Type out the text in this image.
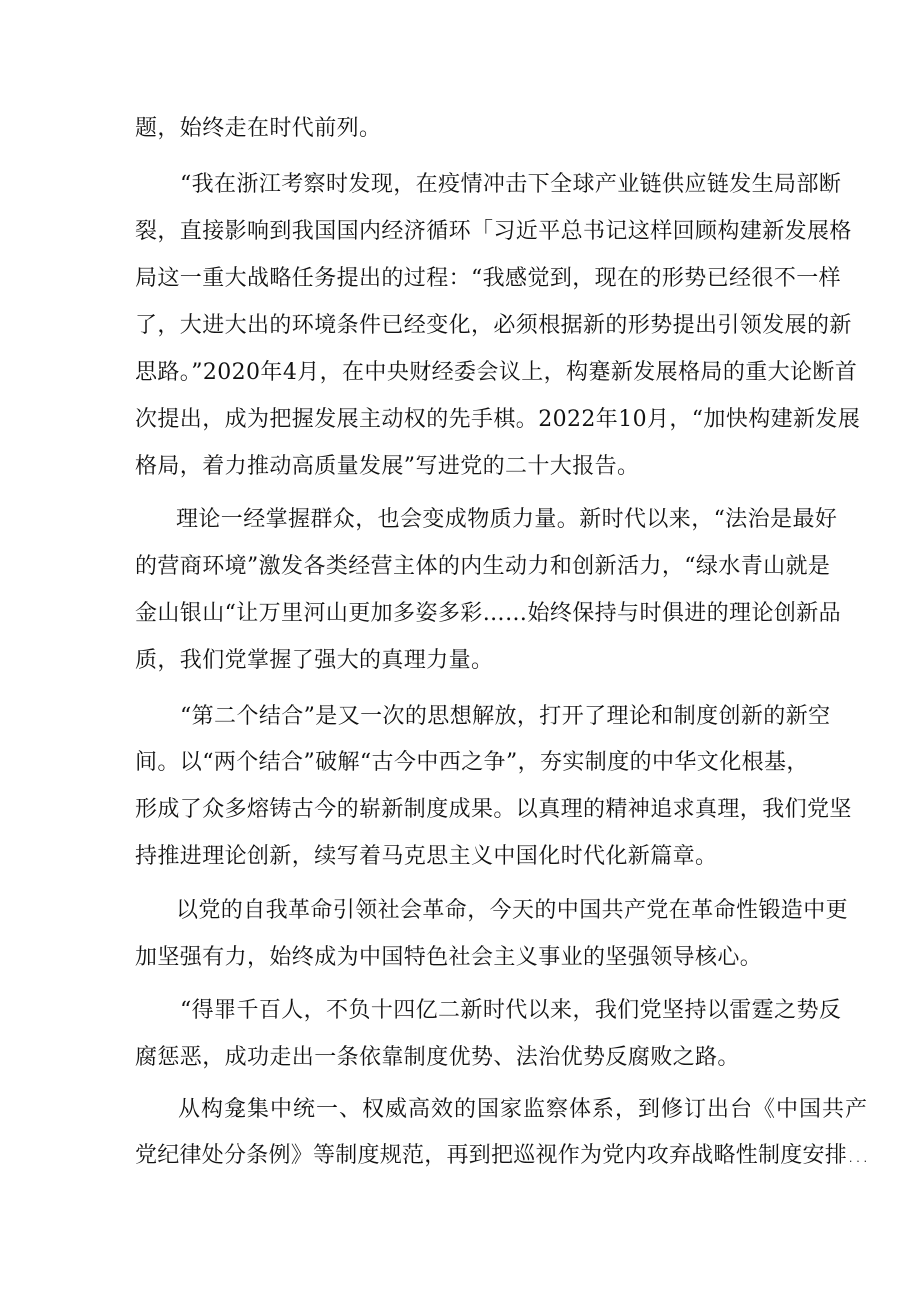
题，始终走在时代前列。
“我在浙江考察时发现，在疫情冲击下全球产业链供应链发生局部断
裂，直接影响到我国国内经济循环「习近平总书记这样回顾构建新发展格
局这一重大战略任务提出的过程：“我感觉到，现在的形势已经很不一样
了，大进大出的环境条件已经变化，必须根据新的形势提出引领发展的新
思路。”2020年4月，在中央财经委会议上，构蹇新发展格局的重大论断首
次提出，成为把握发展主动权的先手棋。2022年10月，“加快构建新发展
格局，着力推动高质量发展”写进党的二十大报告。
理论一经掌握群众，也会变成物质力量。新时代以来，“法治是最好
的营商环境”激发各类经营主体的内生动力和创新活力，“绿水青山就是
金山银山“让万里河山更加多姿多彩……始终保持与时俱进的理论创新品
质，我们党掌握了强大的真理力量。
“第二个结合”是又一次的思想解放，打开了理论和制度创新的新空
间。以“两个结合”破解“古今中西之争”，夯实制度的中华文化根基，
形成了众多熔铸古今的崭新制度成果。以真理的精神追求真理，我们党坚
持推进理论创新，续写着马克思主义中国化时代化新篇章。
以党的自我革命引领社会革命，今天的中国共产党在革命性锻造中更
加坚强有力，始终成为中国特色社会主义事业的坚强领导核心。
“得罪千百人，不负十四亿二新时代以来，我们党坚持以雷霆之势反
腐惩恶，成功走出一条依靠制度优势、法治优势反腐败之路。
从构龛集中统一、权威高效的国家监察体系，到修订出台《中国共产
党纪律处分条例》等制度规范，再到把巡视作为党内攻弃战略性制度安排…
